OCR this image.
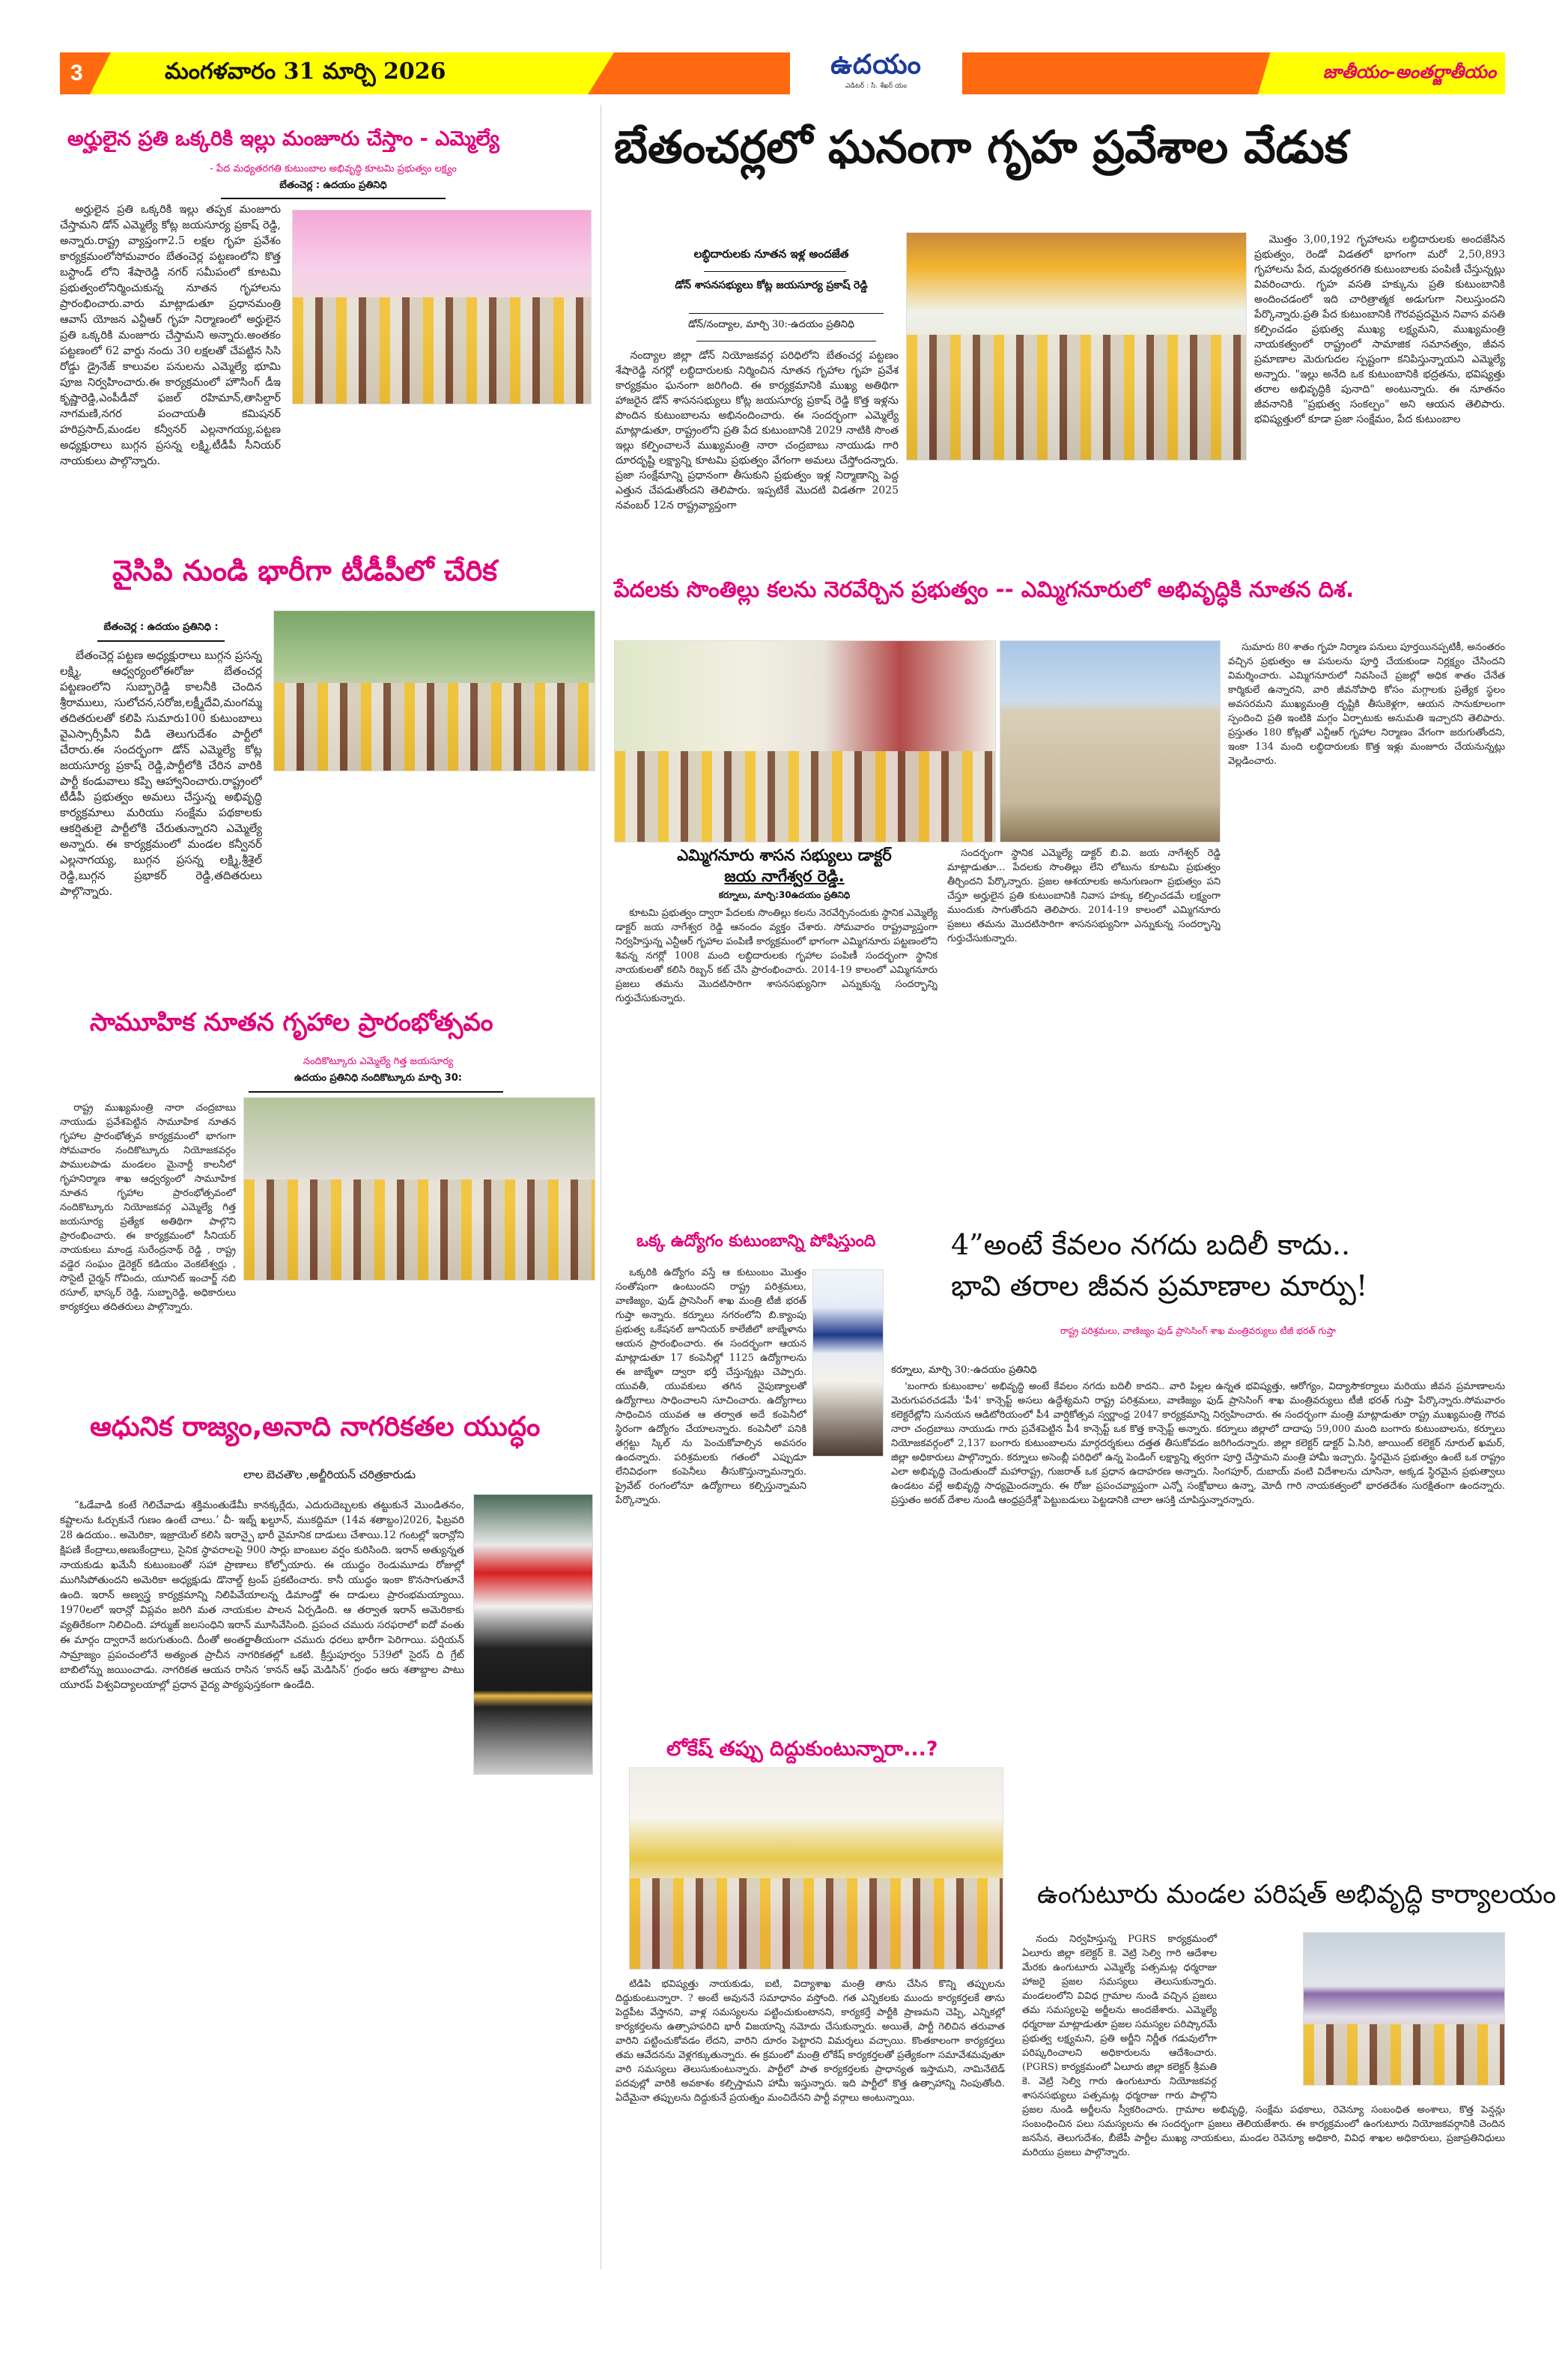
3	మంగళవారం 31 మార్చి 2026	ఉదయం
ఎడిటర్ : సి. శేఖర్ యం
జాతీయం-అంతర్జాతీయం
అర్హులైన ప్రతి ఒక్కరికి ఇల్లు మంజూరు చేస్తాం - ఎమ్మెల్యే
- పేద మధ్యతరగతి కుటుంబాల అభివృద్ధి కూటమి ప్రభుత్వం లక్ష్యం
బేతంచెర్ల : ఉదయం ప్రతినిధి

అర్హులైన ప్రతి ఒక్కరికి ఇల్లు తప్పక మంజూరు చేస్తామని డోన్ ఎమ్మెల్యే కోట్ల జయసూర్య ప్రకాష్ రెడ్డి, అన్నారు.రాష్ట్ర వ్యాప్తంగా2.5 లక్షల గృహ ప్రవేశం కార్యక్రమంలోసోమవారం బేతంచెర్ల పట్టణంలోని కొత్త బస్టాండ్ లోని శేషారెడ్డి నగర్ సమీపంలో కూటమి ప్రభుత్వంలోనిర్మించుకున్న నూతన గృహాలను ప్రారంభించారు.వారు మాట్లాడుతూ ప్రధానమంత్రి ఆవాస్ యోజన ఎన్టీఆర్ గృహ నిర్మాణంలో అర్హులైన ప్రతి ఒక్కరికి మంజూరు చేస్తామని అన్నారు.అంతకం పట్టణంలో 62 వార్డు నందు 30 లక్షలతో చేపట్టిన సిసి రోడ్డు డ్రైనేజ్ కాలువల పనులను ఎమ్మెల్యే భూమి పూజ నిర్వహించారు.ఈ కార్యక్రమంలో హౌసింగ్ డీఇ కృష్ణారెడ్డి,ఎంపీడీవో ఫజల్ రహిమాన్,తాసిల్దార్ నాగమణి,నగర పంచాయతీ కమిషనర్ హరిప్రసాద్,మండల కన్వీనర్ ఎల్లనాగయ్య,పట్టణ అధ్యక్షురాలు బుగ్గన ప్రసన్న లక్ష్మి,టీడీపీ సీనియర్ నాయకులు పాల్గొన్నారు.

వైసిపి నుండి భారీగా టీడీపీలో చేరిక
బేతంచెర్ల : ఉదయం ప్రతినిధి :

బేతంచెర్ల పట్టణ అధ్యక్షురాలు బుగ్గన ప్రసన్న లక్ష్మి, ఆధ్వర్యంలోఈరోజు బేతంచర్ల పట్టణంలోని సుబ్బారెడ్డి కాలనీకి చెందిన శ్రీరాములు, సులోచన,సరోజ,లక్ష్మీదేవి,మంగమ్మ తదితరులతో కలిపి సుమారు100 కుటుంబాలు వైఎస్సార్సీపీని వీడి తెలుగుదేశం పార్టీలో చేరారు.ఈ సందర్భంగా డోన్ ఎమ్మెల్యే కోట్ల జయసూర్య ప్రకాష్ రెడ్డి,పార్టీలోకి చేరిన వారికి పార్టీ కండువాలు కప్పి ఆహ్వానించారు.రాష్ట్రంలో టీడీపీ ప్రభుత్వం అమలు చేస్తున్న అభివృద్ధి కార్యక్రమాలు మరియు సంక్షేమ పథకాలకు ఆకర్షితులై పార్టీలోకి చేరుతున్నారని ఎమ్మెల్యే అన్నారు. ఈ కార్యక్రమంలో మండల కన్వీనర్ ఎల్లనాగయ్య, బుగ్గన ప్రసన్న లక్ష్మి,శ్రీశైల్ రెడ్డి,బుగ్గన ప్రభాకర్ రెడ్డి,తదితరులు పాల్గొన్నారు.

సామూహిక నూతన గృహాల ప్రారంభోత్సవం
నందికొట్కూరు ఎమ్మెల్యే గిత్త జయసూర్య
ఉదయం ప్రతినిధి నందికొట్కూరు మార్చి 30:

రాష్ట్ర ముఖ్యమంత్రి నారా చంద్రబాబు నాయుడు ప్రవేశపెట్టిన సామూహిక నూతన గృహాల ప్రారంభోత్సవ కార్యక్రమంలో భాగంగా సోమవారం నందికొట్కూరు నియోజకవర్గం పాములపాడు మండలం మైనార్టీ కాలనీలో గృహనిర్మాణ శాఖ ఆధ్వర్యంలో సామూహిక నూతన గృహాల ప్రారంభోత్సవంలో నందికొట్కూరు నియోజకవర్గ ఎమ్మెల్యే గిత్త జయసూర్య ప్రత్యేక అతిథిగా పాల్గొని ప్రారంభించారు. ఈ కార్యక్రమంలో సీనియర్ నాయకులు మాండ్ర సురేంద్రనాథ్ రెడ్డి , రాష్ట్ర వడ్డెర సంఘం డైరెక్టర్ కడియం వెంకటేశ్వర్లు , సొసైటీ చైర్మన్ గోవిందు, యూనిట్ ఇంచార్జ్ నబి రసూల్, భాస్కర్ రెడ్డి, సుబ్బారెడ్డి, అధికారులు కార్యకర్తలు తదితరులు పాల్గొన్నారు.

ఆధునిక రాజ్యం,అనాది నాగరికతల యుద్ధం
లాల బెచతౌల ,అల్జీరియన్ చరిత్రకారుడు

“ఓడేవాడి కంటే గెలిచేవాడు శక్తిమంతుడేమీ కానక్కర్లేదు, ఎదురుదెబ్బలకు తట్టుకునే మొండితనం, కష్టాలను ఓర్చుకునే గుణం ఉంటే చాలు.’ చీ- ఇబ్న్ ఖల్దూన్, ముకద్దిమా (14వ శతాబ్దం)2026, ఫిబ్రవరి 28 ఉదయం.. అమెరికా, ఇజ్రాయెల్ కలిసి ఇరాన్పై భారీ వైమానిక దాడులు చేశాయి.12 గంటల్లో ఇరాన్లోని క్షిపణి కేంద్రాలు,అణుకేంద్రాలు, సైనిక స్థావరాలపై 900 సార్లు బాంబుల వర్షం కురిసింది. ఇరాన్ అత్యున్నత నాయకుడు ఖమేనీ కుటుంబంతో సహా ప్రాణాలు కోల్పోయారు. ఈ యుద్ధం రెండుమూడు రోజుల్లో ముగిసిపోతుందని అమెరికా అధ్యక్షుడు డొనాల్డ్ ట్రంప్ ప్రకటించారు. కానీ యుద్ధం ఇంకా కొనసాగుతూనే ఉంది. ఇరాన్ అణ్వస్త్ర కార్యక్రమాన్ని నిలిపివేయాలన్న డిమాండ్తో ఈ దాడులు ప్రారంభమయ్యాయి. 1970లలో ఇరాన్లో విప్లవం జరిగి మత నాయకుల పాలన ఏర్పడింది. ఆ తర్వాత ఇరాన్ అమెరికాకు వ్యతిరేకంగా నిలిచింది. హార్ముజ్ జలసంధిని ఇరాన్ మూసివేసింది. ప్రపంచ చమురు సరఫరాలో ఐదో వంతు ఈ మార్గం ద్వారానే జరుగుతుంది. దీంతో అంతర్జాతీయంగా చమురు ధరలు భారీగా పెరిగాయి. పర్షియన్ సామ్రాజ్యం ప్రపంచంలోనే అత్యంత ప్రాచీన నాగరికతల్లో ఒకటి. క్రీస్తుపూర్వం 539లో సైరస్ ది గ్రేట్ బాబిలోన్ను జయించాడు. నాగరికత ఆయన రాసిన ‘కానన్ ఆఫ్ మెడిసిన్’ గ్రంథం ఆరు శతాబ్దాల పాటు యూరప్ విశ్వవిద్యాలయాల్లో ప్రధాన వైద్య పాఠ్యపుస్తకంగా ఉండేది.

బేతంచర్లలో ఘనంగా గృహ ప్రవేశాల వేడుక
లబ్ధిదారులకు నూతన ఇళ్ల అందజేత
డోన్ శాసనసభ్యులు కోట్ల జయసూర్య ప్రకాష్ రెడ్డి
డోన్/నంద్యాల, మార్చి 30:-ఉదయం ప్రతినిధి

నంద్యాల జిల్లా డోన్ నియోజకవర్గ పరిధిలోని బేతంచర్ల పట్టణం శేషారెడ్డి నగర్లో లబ్ధిదారులకు నిర్మించిన నూతన గృహాల గృహ ప్రవేశ కార్యక్రమం ఘనంగా జరిగింది. ఈ కార్యక్రమానికి ముఖ్య అతిథిగా హాజరైన డోన్ శాసనసభ్యులు కోట్ల జయసూర్య ప్రకాష్ రెడ్డి కొత్త ఇళ్లను పొందిన కుటుంబాలను అభినందించారు. ఈ సందర్భంగా ఎమ్మెల్యే మాట్లాడుతూ, రాష్ట్రంలోని ప్రతి పేద కుటుంబానికి 2029 నాటికి సొంత ఇల్లు కల్పించాలనే ముఖ్యమంత్రి నారా చంద్రబాబు నాయుడు గారి దూరదృష్టి లక్ష్యాన్ని కూటమి ప్రభుత్వం వేగంగా అమలు చేస్తోందన్నారు. ప్రజా సంక్షేమాన్ని ప్రధానంగా తీసుకుని ప్రభుత్వం ఇళ్ల నిర్మాణాన్ని పెద్ద ఎత్తున చేపడుతోందని తెలిపారు. ఇప్పటికే మొదటి విడతగా 2025 నవంబర్ 12న రాష్ట్రవ్యాప్తంగా

మొత్తం 3,00,192 గృహాలను లబ్ధిదారులకు అందజేసిన ప్రభుత్వం, రెండో విడతలో భాగంగా మరో 2,50,893 గృహాలను పేద, మధ్యతరగతి కుటుంబాలకు పంపిణీ చేస్తున్నట్లు వివరించారు. గృహ వసతి హక్కును ప్రతి కుటుంబానికి అందించడంలో ఇది చారిత్రాత్మక అడుగుగా నిలుస్తుందని పేర్కొన్నారు.ప్రతి పేద కుటుంబానికి గౌరవప్రదమైన నివాస వసతి కల్పించడం ప్రభుత్వ ముఖ్య లక్ష్యమని, ముఖ్యమంత్రి నాయకత్వంలో రాష్ట్రంలో సామాజిక సమానత్వం, జీవన ప్రమాణాల మెరుగుదల స్పష్టంగా కనిపిస్తున్నాయని ఎమ్మెల్యే అన్నారు. "ఇల్లు అనేది ఒక కుటుంబానికి భద్రతను, భవిష్యత్తు తరాల అభివృద్ధికి పునాది" అంటున్నారు. ఈ నూతనం జీవనానికి "ప్రభుత్వ సంకల్పం" అని ఆయన తెలిపారు. భవిష్యత్తులో కూడా ప్రజా సంక్షేమం, పేద కుటుంబాల

పేదలకు సొంతిల్లు కలను నెరవేర్చిన ప్రభుత్వం -- ఎమ్మిగనూరులో అభివృద్ధికి నూతన దిశ.
ఎమ్మిగనూరు శాసన సభ్యులు డాక్టర్
జయ నాగేశ్వర రెడ్డి.
కర్నూలు, మార్చి:30ఉదయం ప్రతినిధి

కూటమి ప్రభుత్వం ద్వారా పేదలకు సొంతిల్లు కలను నెరవేర్చినందుకు స్థానిక ఎమ్మెల్యే డాక్టర్ జయ నాగేశ్వర రెడ్డి ఆనందం వ్యక్తం చేశారు. సోమవారం రాష్ట్రవ్యాప్తంగా నిర్వహిస్తున్న ఎన్టీఆర్ గృహాల పంపిణీ కార్యక్రమంలో భాగంగా ఎమ్మిగనూరు పట్టణంలోని శివన్న నగర్లో 1008 మంది లబ్ధిదారులకు గృహాల పంపిణీ సందర్భంగా స్థానిక నాయకులతో కలిసి రిబ్బన్ కట్ చేసి ప్రారంభించారు. 2014-19 కాలంలో ఎమ్మిగనూరు ప్రజలు తమను మొదటిసారిగా శాసనసభ్యునిగా ఎన్నుకున్న సందర్భాన్ని గుర్తుచేసుకున్నారు.

సందర్భంగా స్థానిక ఎమ్మెల్యే డాక్టర్ బి.వి. జయ నాగేశ్వర్ రెడ్డి మాట్లాడుతూ... పేదలకు సొంతిల్లు లేని లోటును కూటమి ప్రభుత్వం తీర్చిందని పేర్కొన్నారు. ప్రజల ఆశయాలకు అనుగుణంగా ప్రభుత్వం పని చేస్తూ అర్హులైన ప్రతి కుటుంబానికి నివాస హక్కు కల్పించడమే లక్ష్యంగా ముందుకు సాగుతోందని తెలిపారు. 2014-19 కాలంలో ఎమ్మిగనూరు ప్రజలు తమను మొదటిసారిగా శాసనసభ్యునిగా ఎన్నుకున్న సందర్భాన్ని గుర్తుచేసుకున్నారు.

సుమారు 80 శాతం గృహ నిర్మాణ పనులు పూర్తయినప్పటికీ, అనంతరం వచ్చిన ప్రభుత్వం ఆ పనులను పూర్తి చేయకుండా నిర్లక్ష్యం చేసిందని విమర్శించారు. ఎమ్మిగనూరులో నివసించే ప్రజల్లో అధిక శాతం చేనేత కార్మికులే ఉన్నారని, వారి జీవనోపాధి కోసం మగ్గాలకు ప్రత్యేక స్థలం అవసరమని ముఖ్యమంత్రి దృష్టికి తీసుకెళ్లగా, ఆయన సానుకూలంగా స్పందించి ప్రతి ఇంటికి మగ్గం ఏర్పాటుకు అనుమతి ఇచ్చారని తెలిపారు. ప్రస్తుతం 180 కోట్లతో ఎన్టీఆర్ గృహాల నిర్మాణం వేగంగా జరుగుతోందని, ఇంకా 134 మంది లబ్ధిదారులకు కొత్త ఇళ్లు మంజూరు చేయనున్నట్లు వెల్లడించారు.

ఒక్క ఉద్యోగం కుటుంబాన్ని పోషిస్తుంది

ఒక్కరికి ఉద్యోగం వస్తే ఆ కుటుంబం మొత్తం సంతోషంగా ఉంటుందని రాష్ట్ర పరిశ్రమలు, వాణిజ్యం, ఫుడ్ ప్రాసెసింగ్ శాఖ మంత్రి టీజీ భరత్ గుప్తా అన్నారు. కర్నూలు నగరంలోని బి.క్యాంపు ప్రభుత్వ ఒకేషనల్ జూనియర్ కాలేజీలో జాబ్మేళాను ఆయన ప్రారంభించారు. ఈ సందర్భంగా ఆయన మాట్లాడుతూ 17 కంపెనీల్లో 1125 ఉద్యోగాలను ఈ జాబ్మేళా ద్వారా భర్తీ చేస్తున్నట్లు చెప్పారు. యువతీ, యువకులు తగిన నైపుణ్యాలతో ఉద్యోగాలు సాధించాలని సూచించారు. ఉద్యోగాలు సాధించిన యువత ఆ తర్వాత అదే కంపెనీలో స్థిరంగా ఉద్యోగం చేయాలన్నారు. కంపెనీలో పనికి తగ్గట్టు స్కిల్ ను పెంచుకోవాల్సిన అవసరం ఉందన్నారు. పరిశ్రమలకు గతంలో ఎప్పుడూ లేనివిధంగా కంపెనీలు తీసుకొస్తున్నామన్నారు. ప్రైవేట్ రంగంలోనూ ఉద్యోగాలు కల్పిస్తున్నామని పేర్కొన్నారు.

4”అంటే కేవలం నగదు బదిలీ కాదు..
భావి తరాల జీవన ప్రమాణాల మార్పు!
రాష్ట్ర పరిశ్రమలు, వాణిజ్యం ఫుడ్ ప్రాసెసింగ్ శాఖ మంత్రివర్యులు టీజీ భరత్ గుప్తా
కర్నూలు, మార్చి 30:-ఉదయం ప్రతినిధి

'బంగారు కుటుంబాల' అభివృద్ధి అంటే కేవలం నగదు బదిలీ కాదని.. వారి పిల్లల ఉన్నత భవిష్యత్తు, ఆరోగ్యం, విద్యాసౌకర్యాలు మరియు జీవన ప్రమాణాలను మెరుగుపరచడమే 'పీ4' కాన్సెప్ట్ అసలు ఉద్దేశ్యమని రాష్ట్ర పరిశ్రమలు, వాణిజ్యం ఫుడ్ ప్రాసెసింగ్ శాఖ మంత్రివర్యులు టీజీ భరత్ గుప్తా పేర్కొన్నారు.సోమవారం కలెక్టరేట్లోని సునయన ఆడిటోరియంలో పీ4 వార్షికోత్సవ స్వర్ణాంధ్ర 2047 కార్యక్రమాన్ని నిర్వహించారు. ఈ సందర్భంగా మంత్రి మాట్లాడుతూ రాష్ట్ర ముఖ్యమంత్రి గౌరవ నారా చంద్రబాబు నాయుడు గారు ప్రవేశపెట్టిన పీ4 కాన్సెప్ట్ ఒక కొత్త కాన్సెప్ట్ అన్నారు. కర్నూలు జిల్లాలో దాదాపు 59,000 మంది బంగారు కుటుంబాలను, కర్నూలు నియోజకవర్గంలో 2,137 బంగారు కుటుంబాలను మార్గదర్శకులు దత్తత తీసుకోవడం జరిగిందన్నారు. జిల్లా కలెక్టర్ డాక్టర్ ఏ.సిరి, జాయింట్ కలెక్టర్ నూరుల్ ఖమర్, జిల్లా అధికారులు పాల్గొన్నారు. కర్నూలు అసెంబ్లీ పరిధిలో ఉన్న పెండింగ్ లక్ష్యాన్ని త్వరగా పూర్తి చేస్తామని మంత్రి హామీ ఇచ్చారు. స్థిరమైన ప్రభుత్వం ఉంటే ఒక రాష్ట్రం ఎలా అభివృద్ధి చెందుతుందో మహారాష్ట్ర, గుజరాత్ ఒక ప్రధాన ఉదాహరణ అన్నారు. సింగపూర్, దుబాయ్ వంటి విదేశాలను చూసినా, అక్కడ స్థిరమైన ప్రభుత్వాలు ఉండటం వల్లే అభివృద్ధి సాధ్యమైందన్నారు. ఈ రోజు ప్రపంచవ్యాప్తంగా ఎన్నో సంక్షోభాలు ఉన్నా, మోదీ గారి నాయకత్వంలో భారతదేశం సురక్షితంగా ఉందన్నారు. ప్రస్తుతం అరబ్ దేశాల నుండి ఆంధ్రప్రదేశ్లో పెట్టుబడులు పెట్టడానికి చాలా ఆసక్తి చూపిస్తున్నారన్నారు.

లోకేష్ తప్పు దిద్దుకుంటున్నారా...?

టిడిపి భవిష్యత్తు నాయకుడు, ఐటి, విద్యాశాఖ మంత్రి తాను చేసిన కొన్ని తప్పులను దిద్దుకుంటున్నారా. ? అంటే అవుననే సమాధానం వస్తోంది. గత ఎన్నికలకు ముందు కార్యకర్తలకే తాను పెద్దపీట వేస్తానని, వాళ్ల సమస్యలను పట్టించుకుంటానని, కార్యకర్తే పార్టీకి ప్రాణమని చెప్పి, ఎన్నికల్లో కార్యకర్తలను ఉత్సాహపరిచి భారీ విజయాన్ని నమోదు చేసుకున్నారు. అయితే, పార్టీ గెలిచిన తరువాత వారిని పట్టించుకోవడం లేదని, వారిని దూరం పెట్టారని విమర్శలు వచ్చాయి. కొంతకాలంగా కార్యకర్తలు తమ ఆవేదనను వెళ్లగక్కుతున్నారు. ఈ క్రమంలో మంత్రి లోకేష్ కార్యకర్తలతో ప్రత్యేకంగా సమావేశమవుతూ వారి సమస్యలు తెలుసుకుంటున్నారు. పార్టీలో పాత కార్యకర్తలకు ప్రాధాన్యత ఇస్తామని, నామినేటెడ్ పదవుల్లో వారికి అవకాశం కల్పిస్తామని హామీ ఇస్తున్నారు. ఇది పార్టీలో కొత్త ఉత్సాహాన్ని నింపుతోంది. ఏదేమైనా తప్పులను దిద్దుకునే ప్రయత్నం మంచిదేనని పార్టీ వర్గాలు అంటున్నాయి.

ఉంగుటూరు మండల పరిషత్ అభివృద్ధి కార్యాలయం

నందు నిర్వహిస్తున్న PGRS కార్యక్రమంలో ఏలూరు జిల్లా కలెక్టర్ కె. వెట్రి సెల్వి గారి ఆదేశాల మేరకు ఉంగుటూరు ఎమ్మెల్యే పత్సమట్ల ధర్మరాజు హాజరై ప్రజల సమస్యలు తెలుసుకున్నారు. మండలంలోని వివిధ గ్రామాల నుండి వచ్చిన ప్రజలు తమ సమస్యలపై అర్జీలను అందజేశారు. ఎమ్మెల్యే ధర్మరాజు మాట్లాడుతూ ప్రజల సమస్యల పరిష్కారమే ప్రభుత్వ లక్ష్యమని, ప్రతి అర్జీని నిర్ణీత గడువులోగా పరిష్కరించాలని అధికారులను ఆదేశించారు. (PGRS) కార్యక్రమంలో ఏలూరు జిల్లా కలెక్టర్ శ్రీమతి కె. వెట్రి సెల్వి గారు ఉంగుటూరు నియోజకవర్గ శాసనసభ్యులు పత్సమట్ల ధర్మరాజు గారు పాల్గొని ప్రజల నుండి అర్జీలను స్వీకరించారు. గ్రామాల అభివృద్ధి, సంక్షేమ పథకాలు, రెవెన్యూ సంబంధిత అంశాలు, కొత్త పెన్షన్లు సంబంధించిన పలు సమస్యలను ఈ సందర్భంగా ప్రజలు తెలియజేశారు. ఈ కార్యక్రమంలో ఉంగుటూరు నియోజకవర్గానికి చెందిన జనసేన, తెలుగుదేశం, బీజేపీ పార్టీల ముఖ్య నాయకులు, మండల రెవెన్యూ అధికారి, వివిధ శాఖల అధికారులు, ప్రజాప్రతినిధులు మరియు ప్రజలు పాల్గొన్నారు.
